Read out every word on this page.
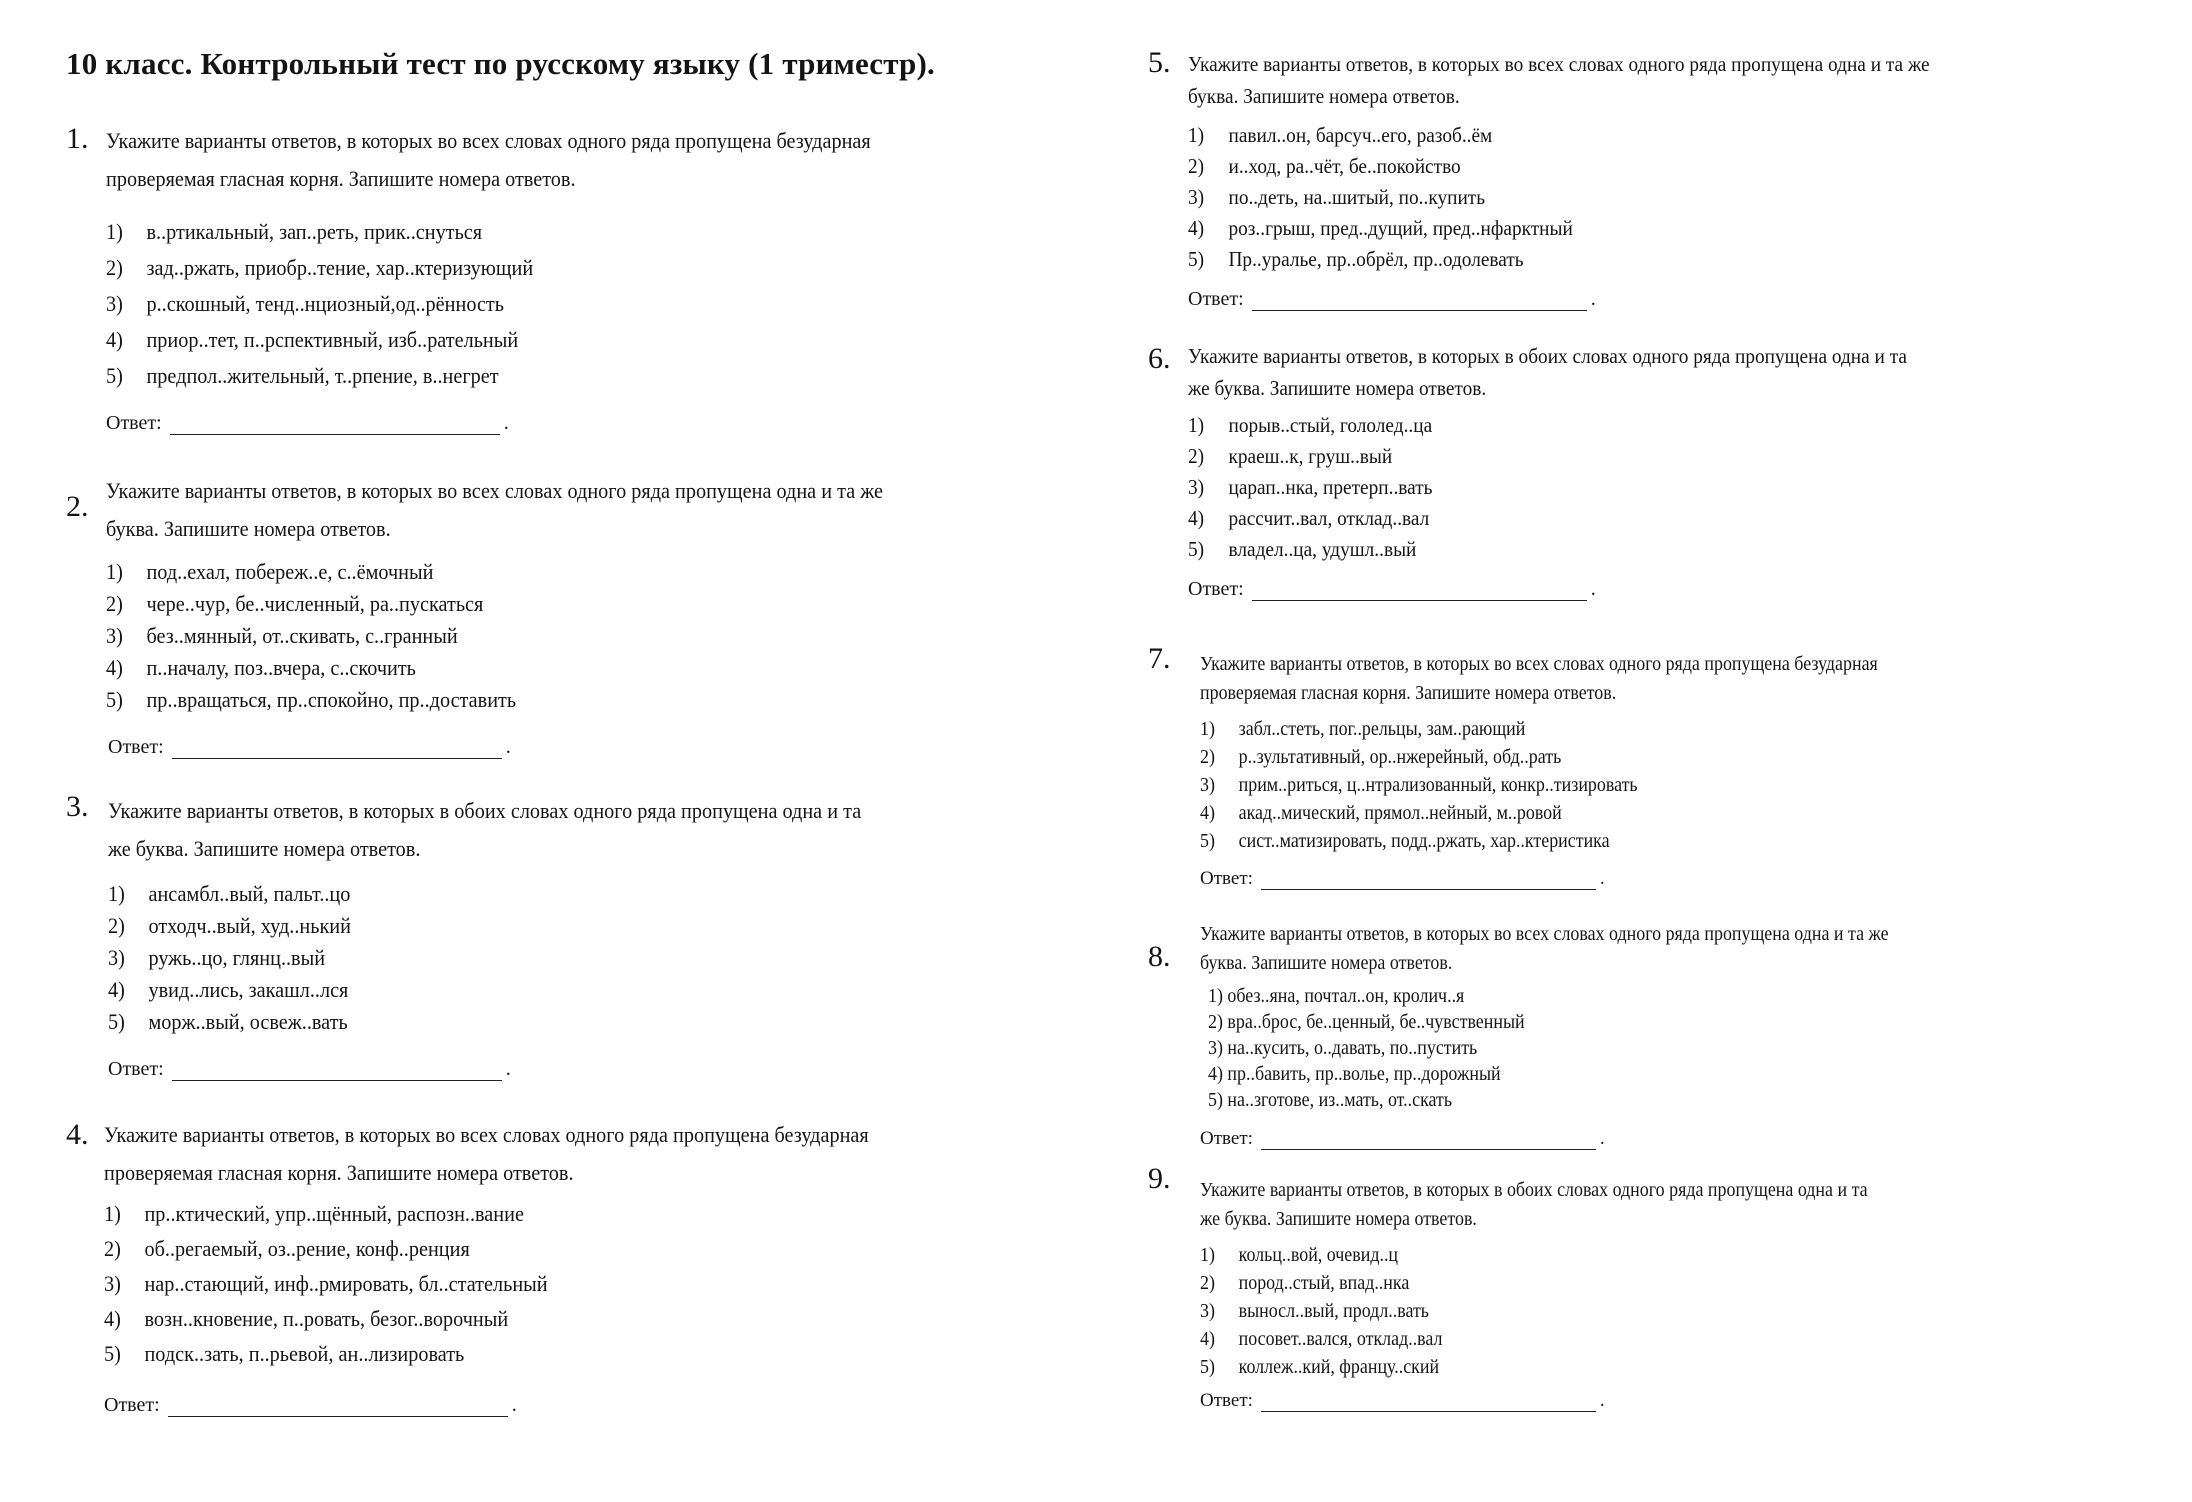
10 класс. Контрольный тест по русскому языку (1 триместр).
1. Укажите варианты ответов, в которых во всех словах одного ряда пропущена безударная
проверяемая гласная корня. Запишите номера ответов.
1) в..ртикальный, зап..реть, прик..снуться
2) зад..ржать, приобр..тение, хар..ктеризующий
3) р..скошный, тенд..нциозный,од..рённость
4) приор..тет, п..рспективный, изб..рательный
5) предпол..жительный, т..рпение, в..негрет
Ответ:	.
2. Укажите варианты ответов, в которых во всех словах одного ряда пропущена одна и та же
буква. Запишите номера ответов.
1) под..ехал, побереж..е, с..ёмочный
2) чере..чур, бе..численный, ра..пускаться
3) без..мянный, от..скивать, с..гранный
4) п..началу, поз..вчера, с..скочить
5) пр..вращаться, пр..спокойно, пр..доставить
Ответ:	.
3. Укажите варианты ответов, в которых в обоих словах одного ряда пропущена одна и та
же буква. Запишите номера ответов.
1) ансамбл..вый, пальт..цо
2) отходч..вый, худ..нький
3) ружь..цо, глянц..вый
4) увид..лись, закашл..лся
5) морж..вый, освеж..вать
Ответ:	.
4. Укажите варианты ответов, в которых во всех словах одного ряда пропущена безударная
проверяемая гласная корня. Запишите номера ответов.
1) пр..ктический, упр..щённый, распозн..вание
2) об..регаемый, оз..рение, конф..ренция
3) нар..стающий, инф..рмировать, бл..стательный
4) возн..кновение, п..ровать, безог..ворочный
5) подск..зать, п..рьевой, ан..лизировать
Ответ:	.
5. Укажите варианты ответов, в которых во всех словах одного ряда пропущена одна и та же
буква. Запишите номера ответов.
1) павил..он, барсуч..его, разоб..ём
2) и..ход, ра..чёт, бе..покойство
3) по..деть, на..шитый, по..купить
4) роз..грыш, пред..дущий, пред..нфарктный
5) Пр..уралье, пр..обрёл, пр..одолевать
Ответ:	.
6. Укажите варианты ответов, в которых в обоих словах одного ряда пропущена одна и та
же буква. Запишите номера ответов.
1) порыв..стый, гололед..ца
2) краеш..к, груш..вый
3) царап..нка, претерп..вать
4) рассчит..вал, отклад..вал
5) владел..ца, удушл..вый
Ответ:	.
7. Укажите варианты ответов, в которых во всех словах одного ряда пропущена безударная
проверяемая гласная корня. Запишите номера ответов.
1) забл..стеть, пог..рельцы, зам..рающий
2) р..зультативный, ор..нжерейный, обд..рать
3) прим..риться, ц..нтрализованный, конкр..тизировать
4) акад..мический, прямол..нейный, м..ровой
5) сист..матизировать, подд..ржать, хар..ктеристика
Ответ:	.
8.
Укажите варианты ответов, в которых во всех словах одного ряда пропущена одна и та же
буква. Запишите номера ответов.
1) обез..яна, почтал..он, кролич..я
2) вра..брос, бе..ценный, бе..чувственный
3) на..кусить, о..давать, по..пустить
4) пр..бавить, пр..волье, пр..дорожный
5) на..зготове, из..мать, от..скать
Ответ:	.
9. Укажите варианты ответов, в которых в обоих словах одного ряда пропущена одна и та
же буква. Запишите номера ответов.
1) кольц..вой, очевид..ц
2) пород..стый, впад..нка
3) выносл..вый, продл..вать
4) посовет..вался, отклад..вал
5) коллеж..кий, францу..ский
Ответ:	.
